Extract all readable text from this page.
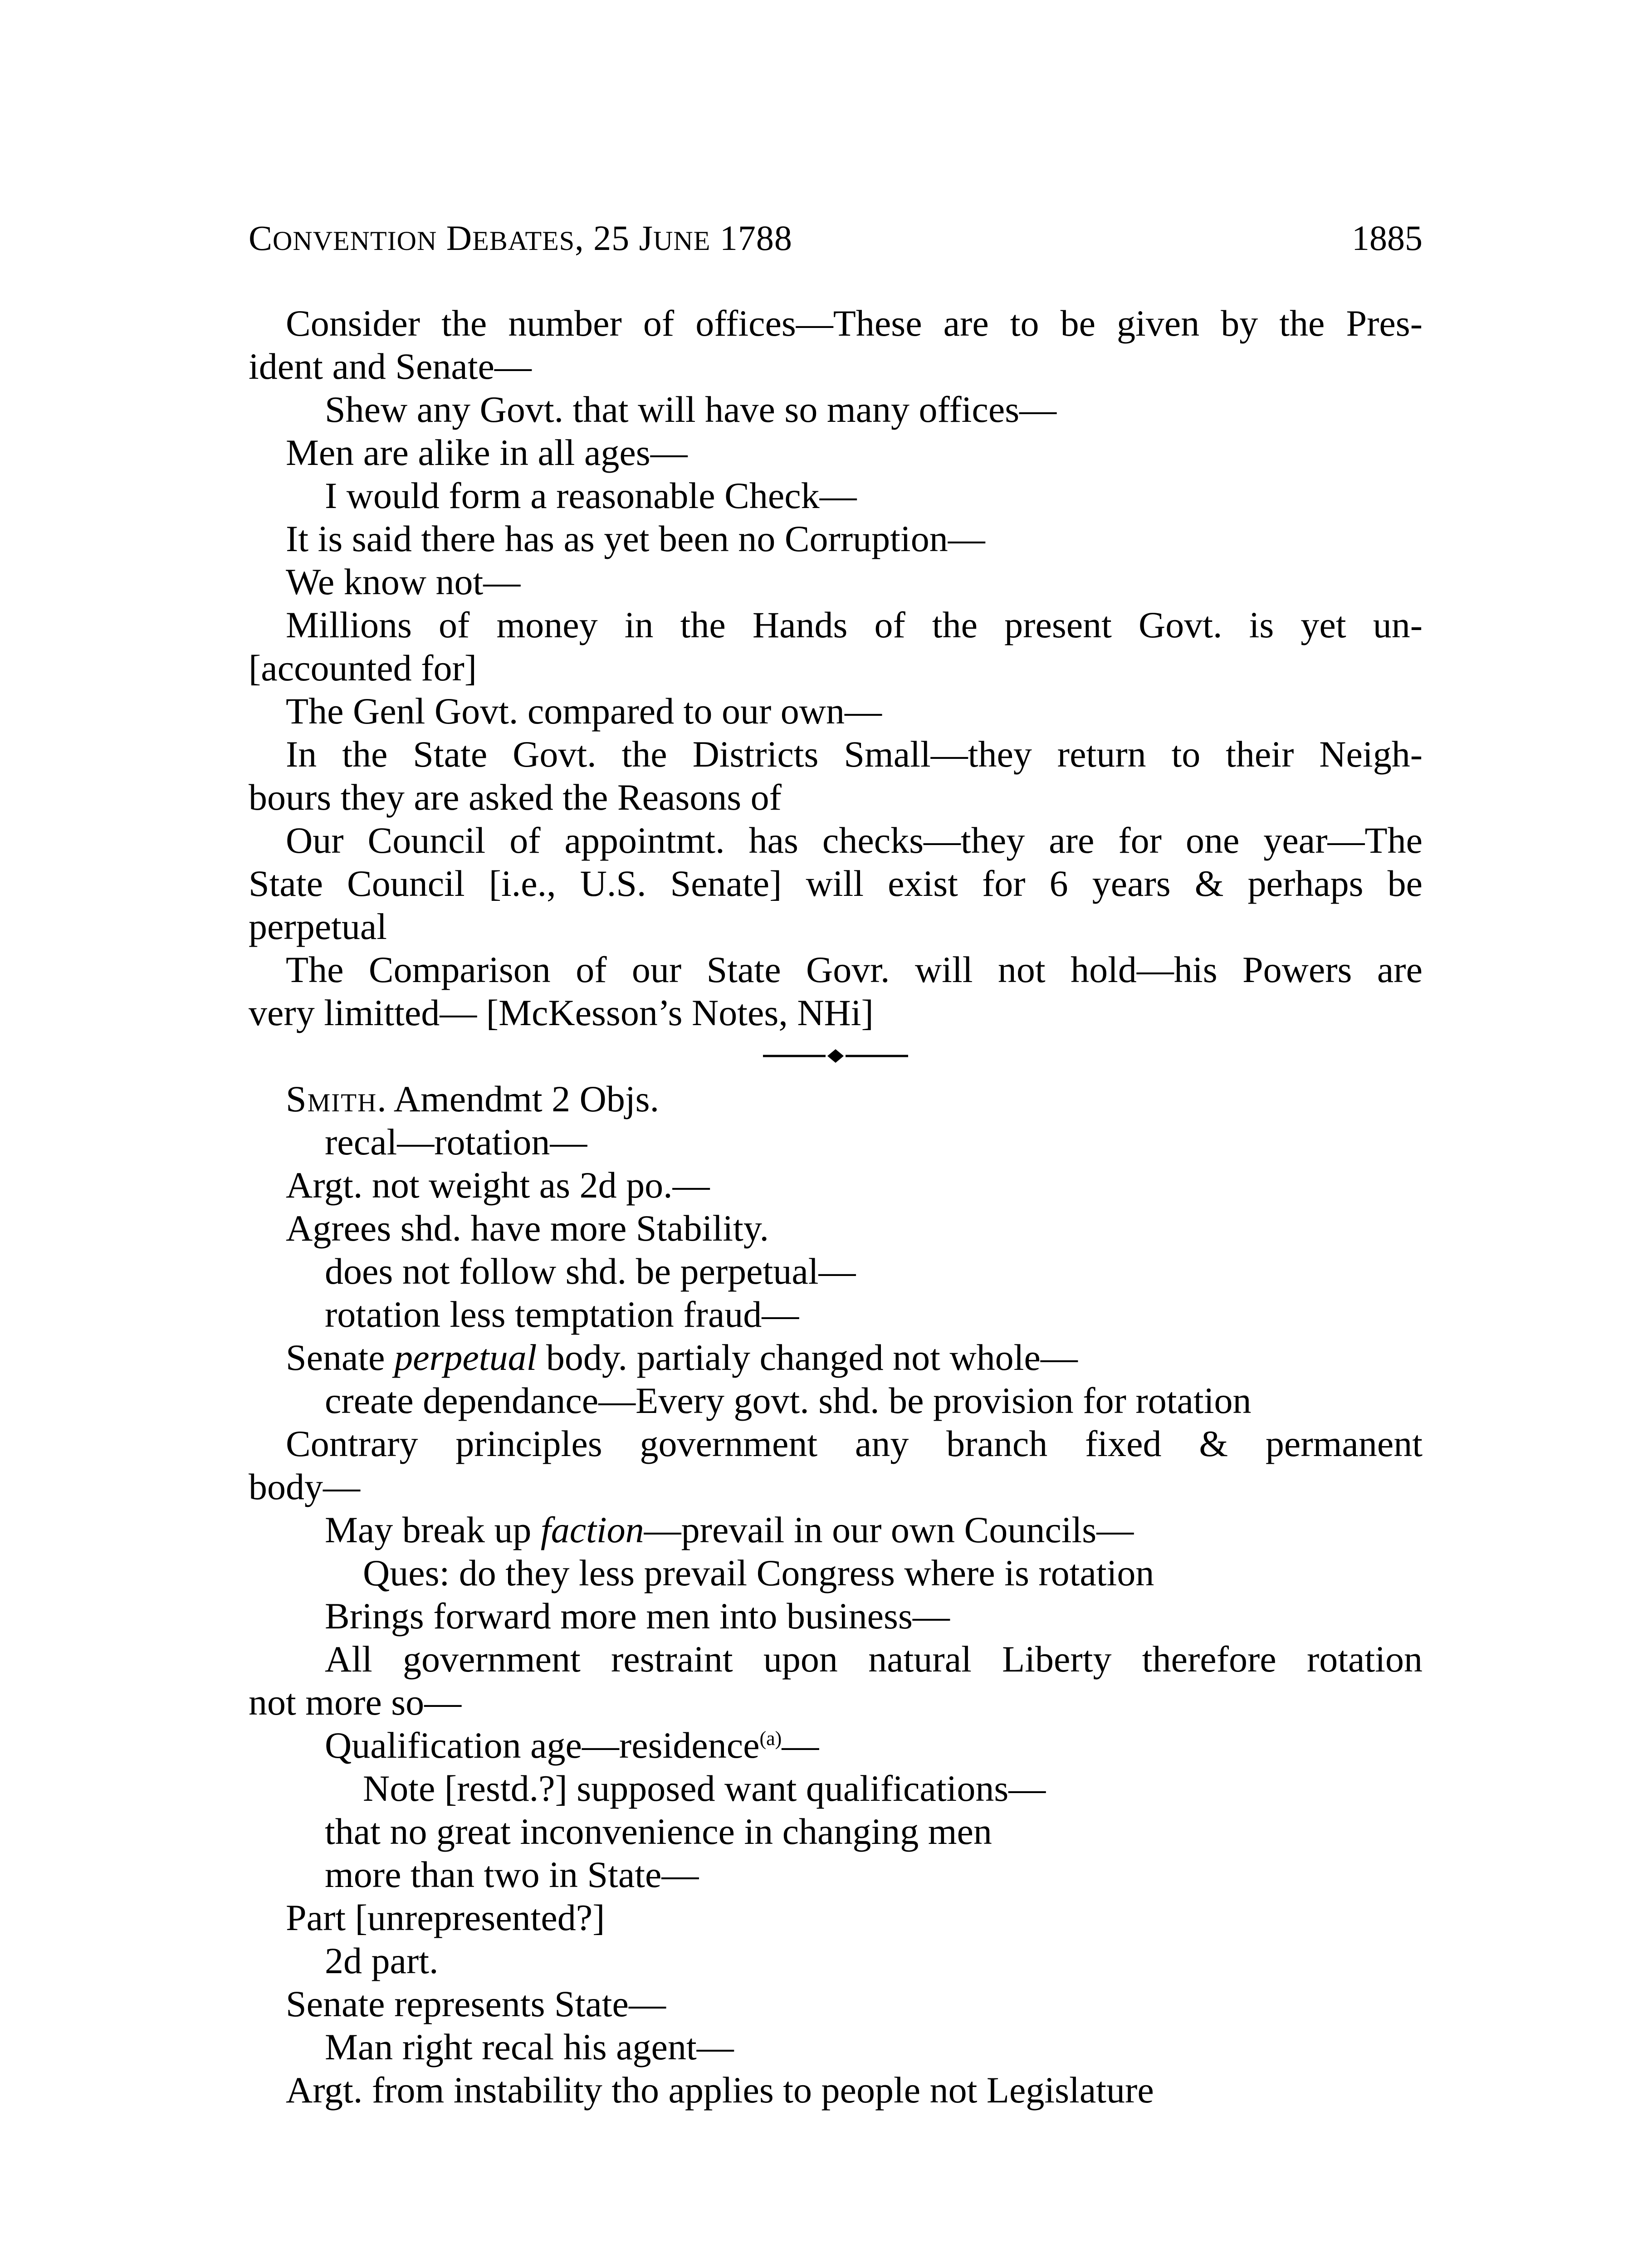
CONVENTION DEBATES, 25 JUNE 1788	1885
Consider the number of offices—These are to be given by the Pres-
ident and Senate—
Shew any Govt. that will have so many offices—
Men are alike in all ages—
I would form a reasonable Check—
It is said there has as yet been no Corruption—
We know not—
Millions of money in the Hands of the present Govt. is yet un-
[accounted for]
The Genl Govt. compared to our own—
In the State Govt. the Districts Small—they return to their Neigh-
bours they are asked the Reasons of
Our Council of appointmt. has checks—they are for one year—The
State Council [i.e., U.S. Senate] will exist for 6 years & perhaps be
perpetual
The Comparison of our State Govr. will not hold—his Powers are
very limitted— [McKesson’s Notes, NHi]
Smith. Amendmt 2 Objs.
recal—rotation—
Argt. not weight as 2d po.—
Agrees shd. have more Stability.
does not follow shd. be perpetual—
rotation less temptation fraud—
Senate perpetual body. partialy changed not whole—
create dependance—Every govt. shd. be provision for rotation
Contrary principles government any branch fixed & permanent
body—
May break up faction—prevail in our own Councils—
Ques: do they less prevail Congress where is rotation
Brings forward more men into business—
All government restraint upon natural Liberty therefore rotation
not more so—
Qualification age—residence$^{(a)}$—
Note [restd.?] supposed want qualifications—
that no great inconvenience in changing men
more than two in State—
Part [unrepresented?]
2d part.
Senate represents State—
Man right recal his agent—
Argt. from instability tho applies to people not Legislature
